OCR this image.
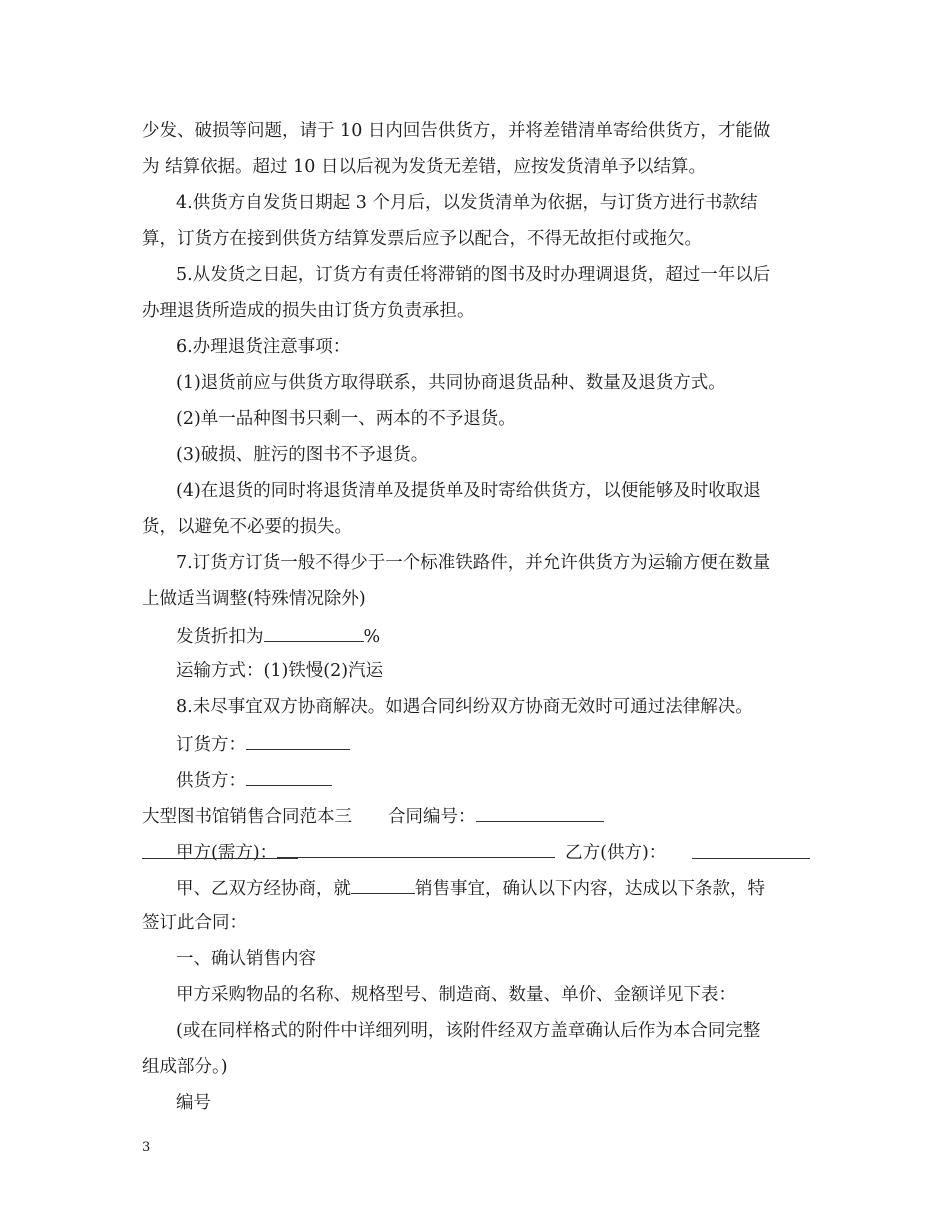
少发、破损等问题，请于 10 日内回告供货方，并将差错清单寄给供货方，才能做
为 结算依据。超过 10 日以后视为发货无差错，应按发货清单予以结算。
4.供货方自发货日期起 3 个月后，以发货清单为依据，与订货方进行书款结
算，订货方在接到供货方结算发票后应予以配合，不得无故拒付或拖欠。
5.从发货之日起，订货方有责任将滞销的图书及时办理调退货，超过一年以后
办理退货所造成的损失由订货方负责承担。
6.办理退货注意事项：
(1)退货前应与供货方取得联系，共同协商退货品种、数量及退货方式。
(2)单一品种图书只剩一、两本的不予退货。
(3)破损、脏污的图书不予退货。
(4)在退货的同时将退货清单及提货单及时寄给供货方，以便能够及时收取退
货，以避免不必要的损失。
7.订货方订货一般不得少于一个标准铁路件，并允许供货方为运输方便在数量
上做适当调整(特殊情况除外)
发货折扣为	%
运输方式：(1)铁慢(2)汽运
8.未尽事宜双方协商解决。如遇合同纠纷双方协商无效时可通过法律解决。
订货方：
供货方：
大型图书馆销售合同范本三 合同编号：
甲方(需方)：	乙方(供方)：
甲、乙双方经协商，就	销售事宜，确认以下内容，达成以下条款，特
签订此合同：
一、确认销售内容
甲方采购物品的名称、规格型号、制造商、数量、单价、金额详见下表：
(或在同样格式的附件中详细列明，该附件经双方盖章确认后作为本合同完整
组成部分。)
编号
3
